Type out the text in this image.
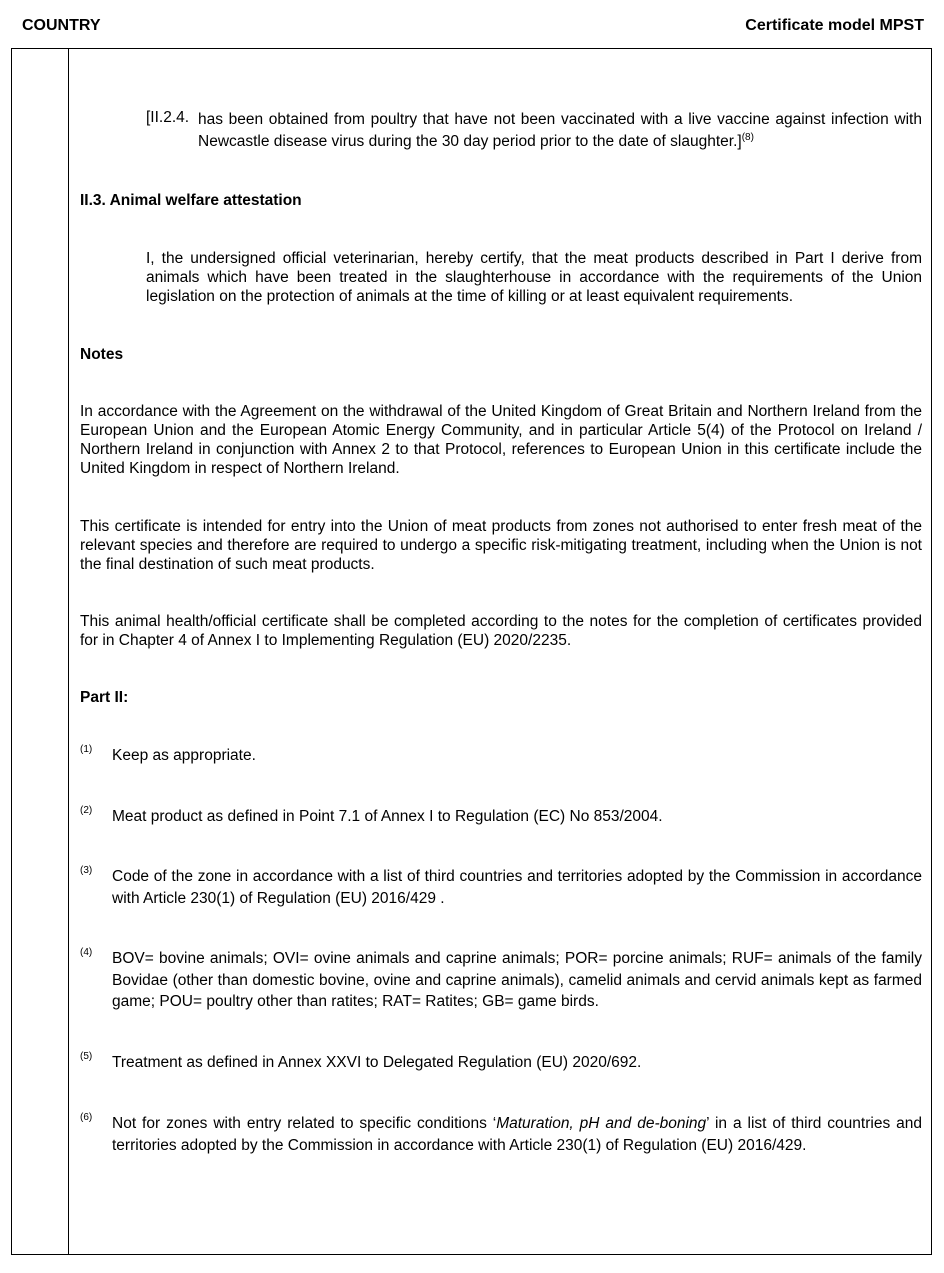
COUNTRY	Certificate model MPST
[II.2.4. has been obtained from poultry that have not been vaccinated with a live vaccine against infection with Newcastle disease virus during the 30 day period prior to the date of slaughter.]$^{(8)}$

II.3. Animal welfare attestation

I, the undersigned official veterinarian, hereby certify, that the meat products described in Part I derive from animals which have been treated in the slaughterhouse in accordance with the requirements of the Union legislation on the protection of animals at the time of killing or at least equivalent requirements.

Notes

In accordance with the Agreement on the withdrawal of the United Kingdom of Great Britain and Northern Ireland from the European Union and the European Atomic Energy Community, and in particular Article 5(4) of the Protocol on Ireland / Northern Ireland in conjunction with Annex 2 to that Protocol, references to European Union in this certificate include the United Kingdom in respect of Northern Ireland.

This certificate is intended for entry into the Union of meat products from zones not authorised to enter fresh meat of the relevant species and therefore are required to undergo a specific risk-mitigating treatment, including when the Union is not the final destination of such meat products.

This animal health/official certificate shall be completed according to the notes for the completion of certificates provided for in Chapter 4 of Annex I to Implementing Regulation (EU) 2020/2235.

Part II:

(1)	Keep as appropriate.
(2)	Meat product as defined in Point 7.1 of Annex I to Regulation (EC) No 853/2004.
(3)	Code of the zone in accordance with a list of third countries and territories adopted by the Commission in accordance with Article 230(1) of Regulation (EU) 2016/429 .
(4)	BOV= bovine animals; OVI= ovine animals and caprine animals; POR= porcine animals; RUF= animals of the family Bovidae (other than domestic bovine, ovine and caprine animals), camelid animals and cervid animals kept as farmed game; POU= poultry other than ratites; RAT= Ratites; GB= game birds.
(5)	Treatment as defined in Annex XXVI to Delegated Regulation (EU) 2020/692.
(6)	Not for zones with entry related to specific conditions ‘Maturation, pH and de-boning’ in a list of third countries and territories adopted by the Commission in accordance with Article 230(1) of Regulation (EU) 2016/429.
